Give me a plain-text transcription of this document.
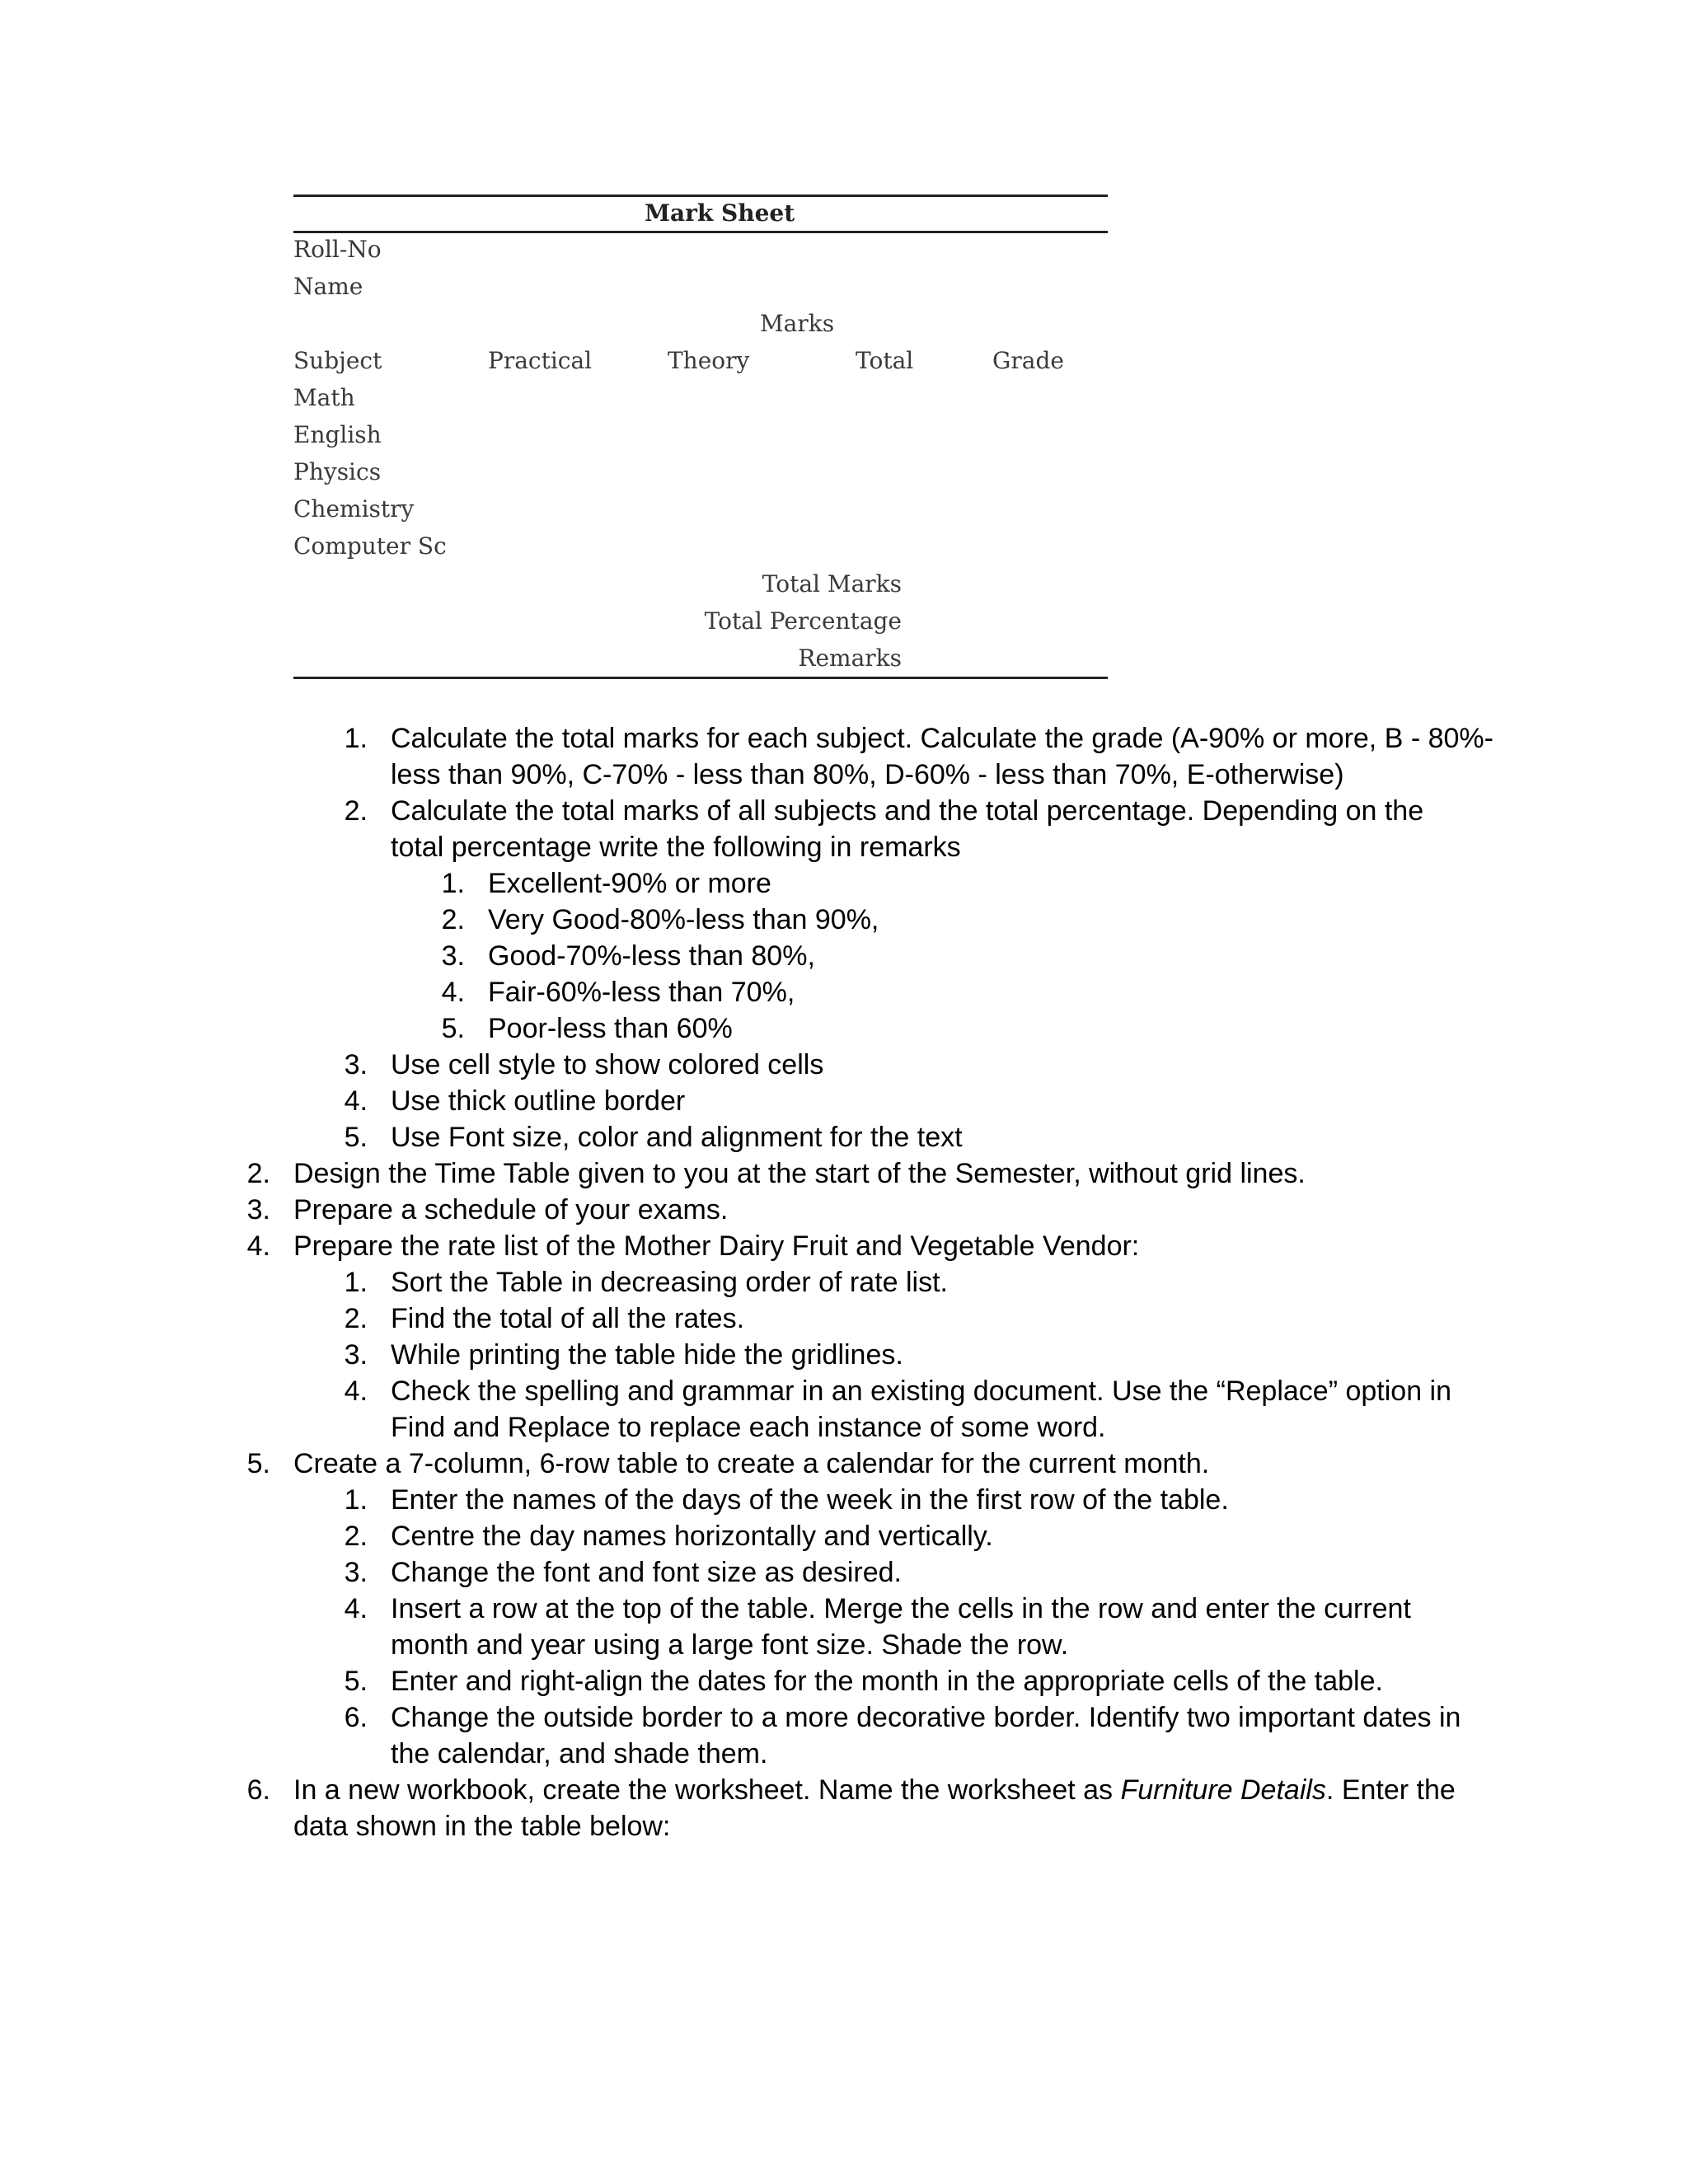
Mark Sheet
Roll-No
Name
Marks
Subject	Practical	Theory	Total	Grade
Math
English
Physics
Chemistry
Computer Sc
Total Marks
Total Percentage
Remarks
1. Calculate the total marks for each subject. Calculate the grade (A-90% or more, B - 80%-
less than 90%, C-70% - less than 80%, D-60% - less than 70%, E-otherwise)
2. Calculate the total marks of all subjects and the total percentage. Depending on the
total percentage write the following in remarks
1. Excellent-90% or more
2. Very Good-80%-less than 90%,
3. Good-70%-less than 80%,
4. Fair-60%-less than 70%,
5. Poor-less than 60%
3. Use cell style to show colored cells
4. Use thick outline border
5. Use Font size, color and alignment for the text
2. Design the Time Table given to you at the start of the Semester, without grid lines.
3. Prepare a schedule of your exams.
4. Prepare the rate list of the Mother Dairy Fruit and Vegetable Vendor:
1. Sort the Table in decreasing order of rate list.
2. Find the total of all the rates.
3. While printing the table hide the gridlines.
4. Check the spelling and grammar in an existing document. Use the “Replace” option in
Find and Replace to replace each instance of some word.
5. Create a 7-column, 6-row table to create a calendar for the current month.
1. Enter the names of the days of the week in the first row of the table.
2. Centre the day names horizontally and vertically.
3. Change the font and font size as desired.
4. Insert a row at the top of the table. Merge the cells in the row and enter the current
month and year using a large font size. Shade the row.
5. Enter and right-align the dates for the month in the appropriate cells of the table.
6. Change the outside border to a more decorative border. Identify two important dates in
the calendar, and shade them.
6. In a new workbook, create the worksheet. Name the worksheet as Furniture Details. Enter the
data shown in the table below:
